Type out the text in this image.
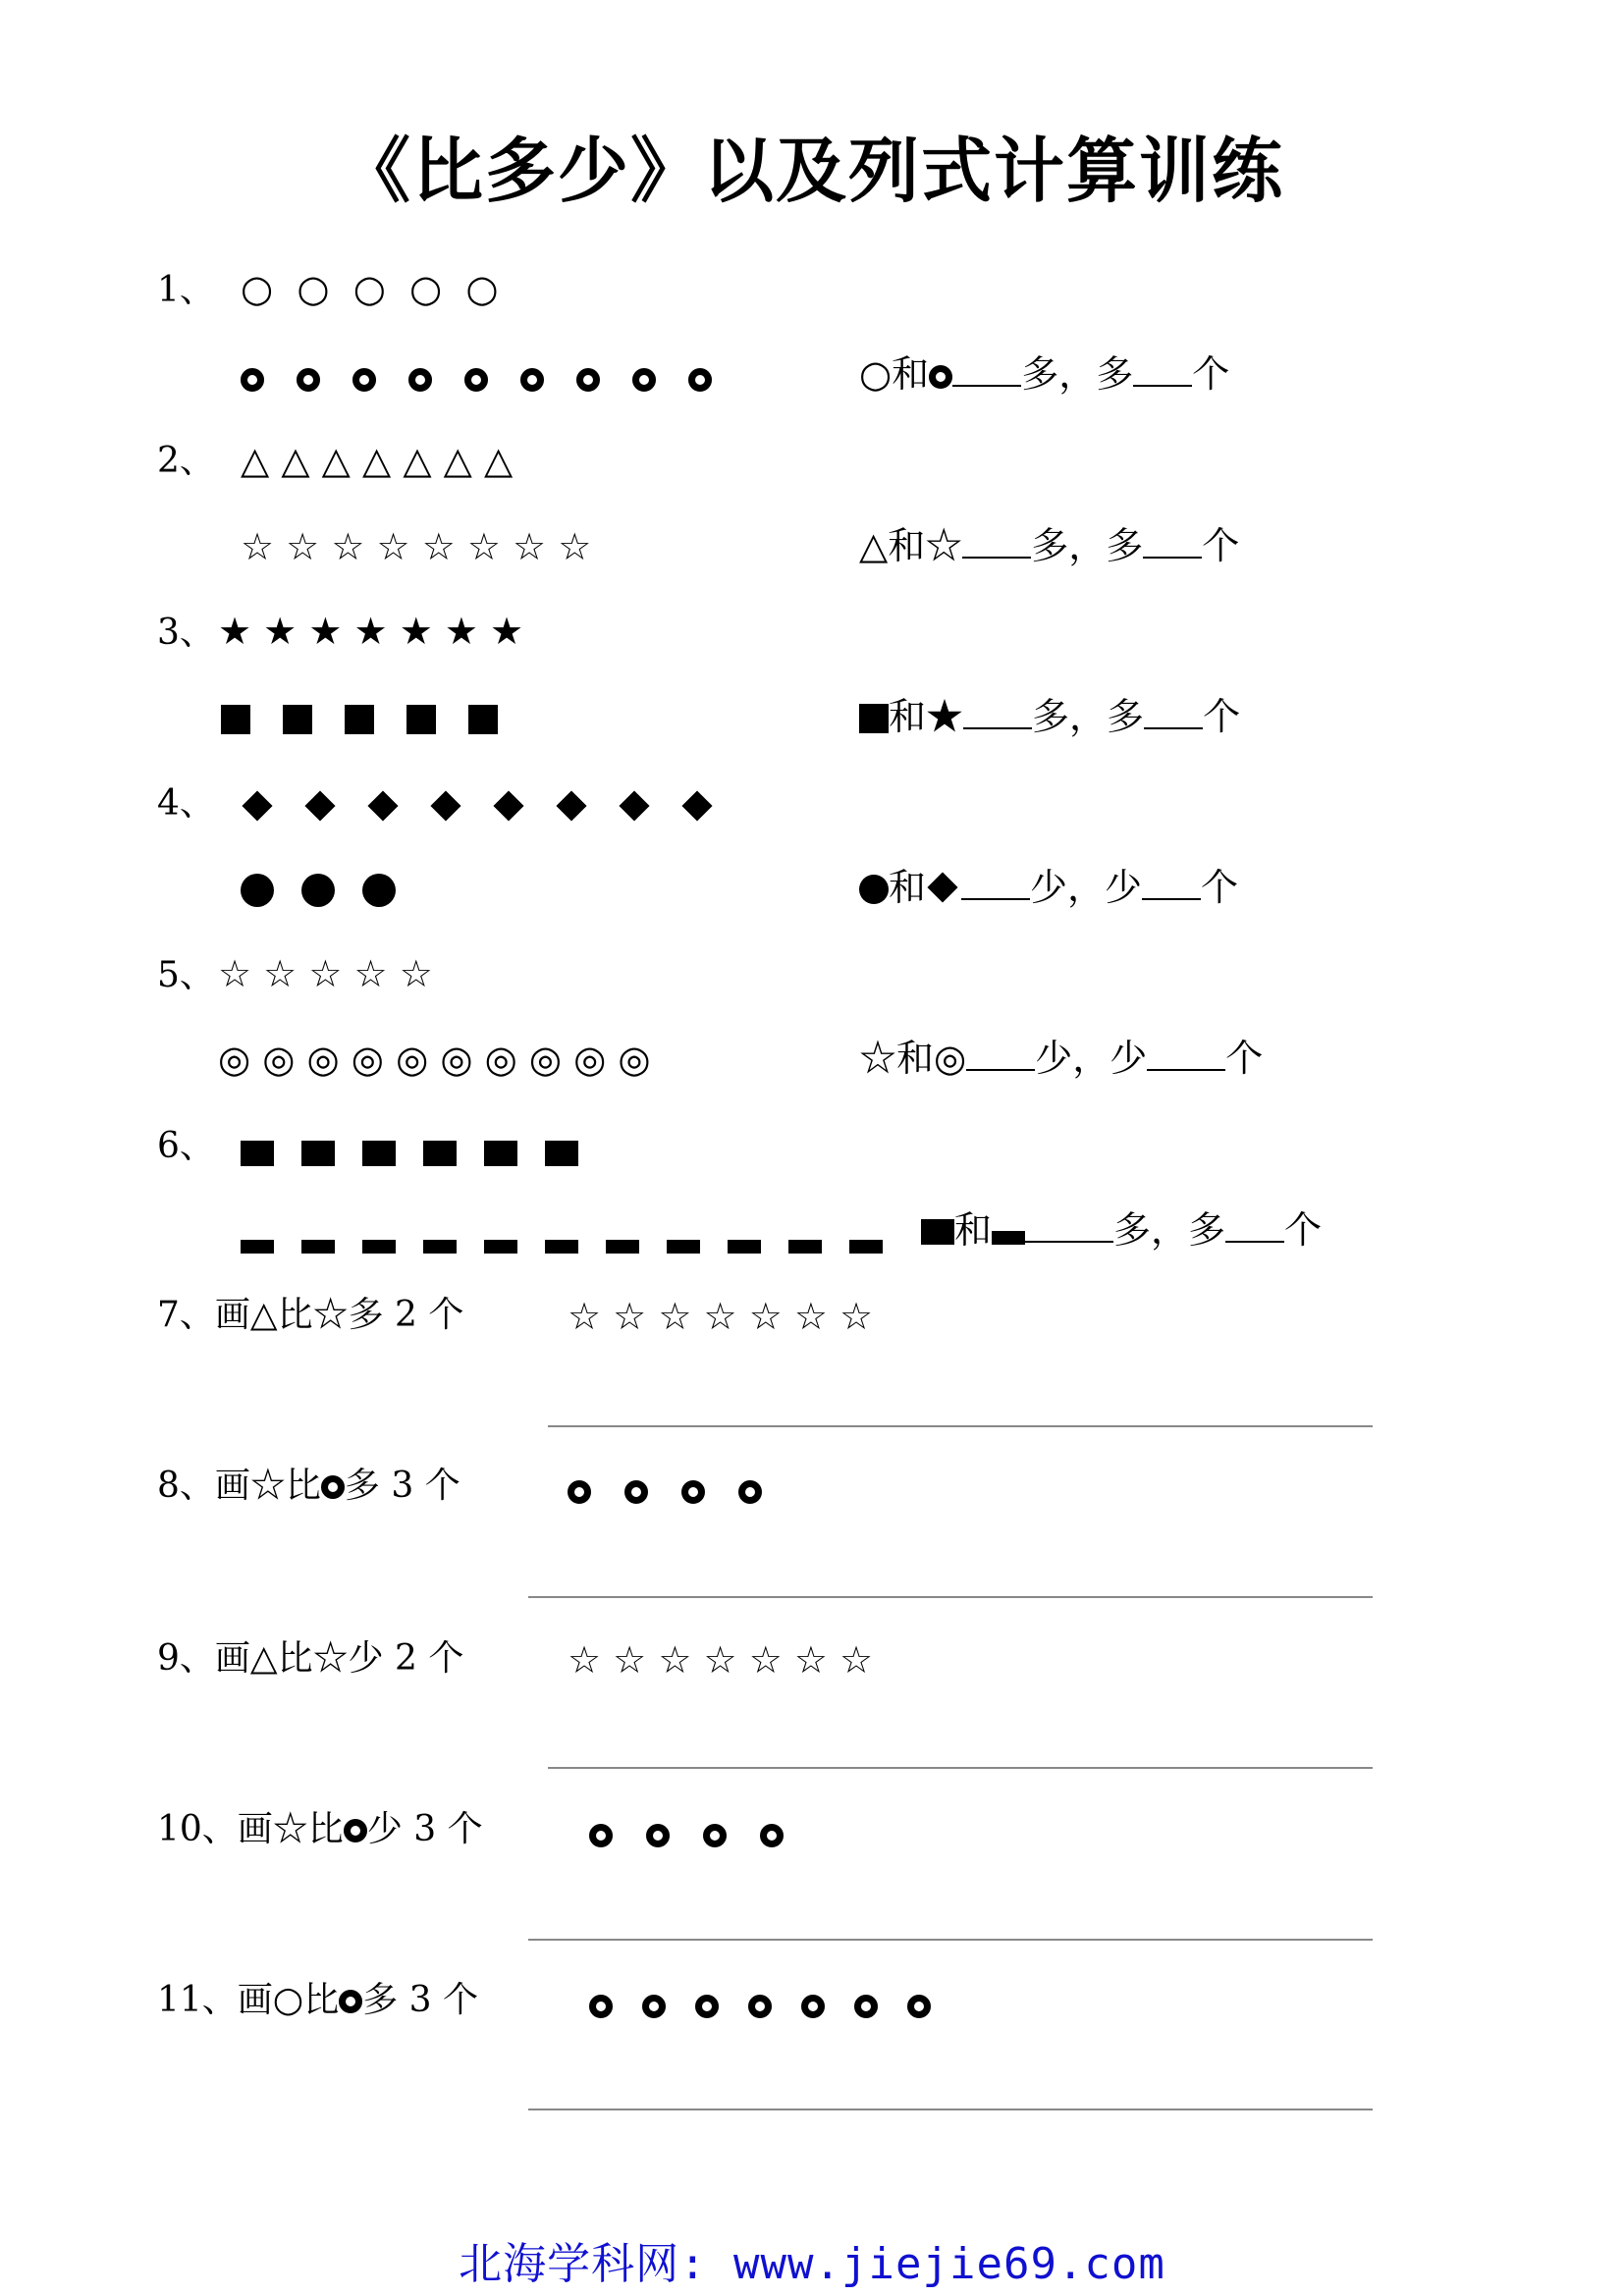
《比多少》以及列式计算训练
1、 ○ ○ ○ ○ ○
○和 多，多 个
2、 △ △ △ △ △ △ △
☆ ☆ ☆ ☆ ☆ ☆ ☆ ☆	△和☆ 多，多 个
3、 ★ ★ ★ ★ ★ ★ ★
和★ 多，多 个
4、
和	少，少 个
5、 ☆ ☆ ☆ ☆ ☆
◎ ◎ ◎ ◎ ◎ ◎ ◎ ◎ ◎ ◎	☆和◎ 少，少 个
6、
和	多，多 个
7、画△比☆多 2 个	☆ ☆ ☆ ☆ ☆ ☆ ☆
8、画☆比 多 3 个
9、画△比☆少 2 个	☆ ☆ ☆ ☆ ☆ ☆ ☆
10、画☆比 少 3 个
11、画○比 多 3 个
北海学科网: www.jiejie69.com
